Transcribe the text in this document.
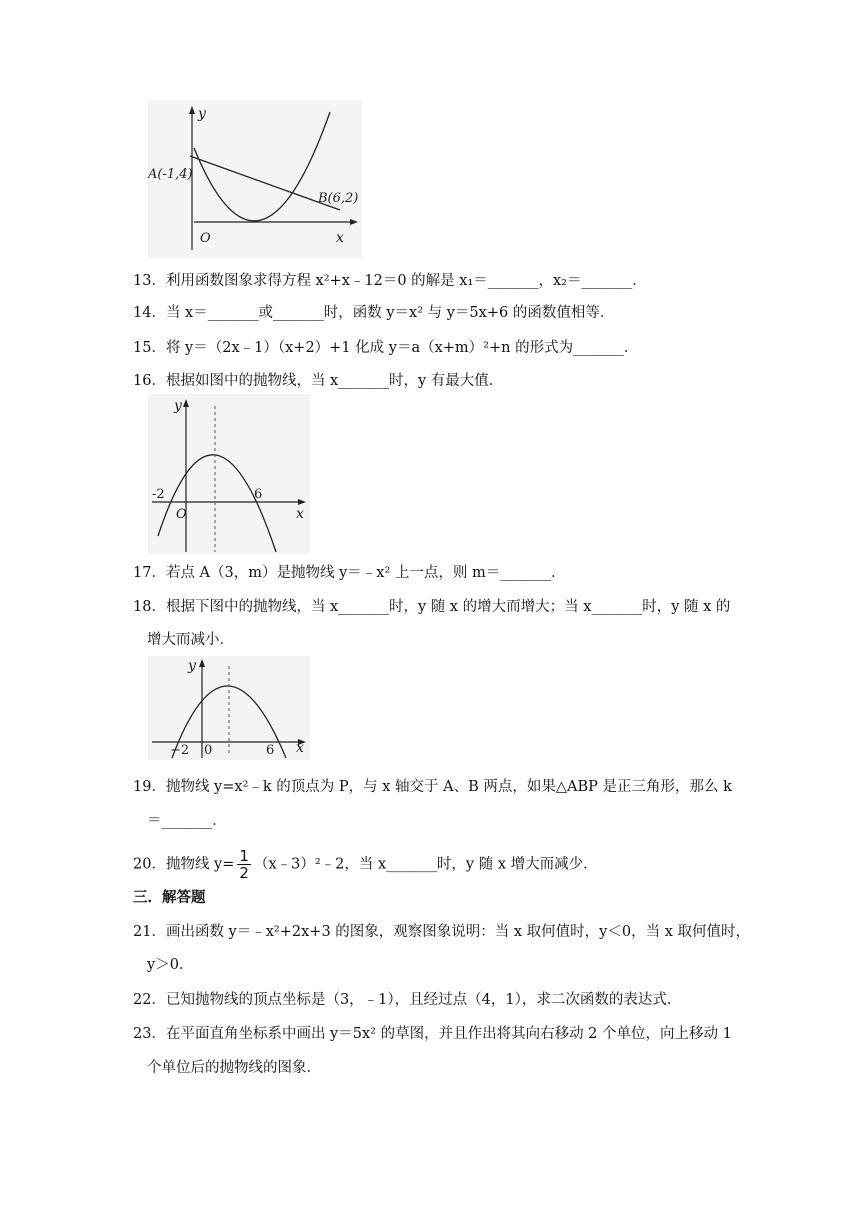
y
x
O
A(-1,4)
B(6,2)
13．利用函数图象求得方程 x²+x﹣12＝0 的解是 x₁＝_______，x₂＝_______．
14．当 x＝_______或_______时，函数 y＝x² 与 y＝5x+6 的函数值相等．
15．将 y＝（2x﹣1）（x+2）+1 化成 y＝a（x+m）²+n 的形式为_______．
16．根据如图中的抛物线，当 x_______时，y 有最大值．
y
x
O
-2	6
17．若点 A（3，m）是抛物线 y＝﹣x² 上一点，则 m＝_______．
18．根据下图中的抛物线，当 x_______时，y 随 x 的增大而增大；当 x_______时，y 随 x 的
增大而减小．
y
x
0
−2	6
19．抛物线 y=x²﹣k 的顶点为 P，与 x 轴交于 A、B 两点，如果△ABP 是正三角形，那么 k
＝_______．
20．抛物线 $y= \frac{1}{2}$ （x﹣3）²﹣2，当 x_______时，y 随 x 增大而减少．
三．解答题
21．画出函数 y＝﹣x²+2x+3 的图象，观察图象说明：当 x 取何值时，y＜0，当 x 取何值时，
y＞0．
22．已知抛物线的顶点坐标是（3，﹣1），且经过点（4，1），求二次函数的表达式．
23．在平面直角坐标系中画出 y＝5x² 的草图，并且作出将其向右移动 2 个单位，向上移动 1
个单位后的抛物线的图象．
